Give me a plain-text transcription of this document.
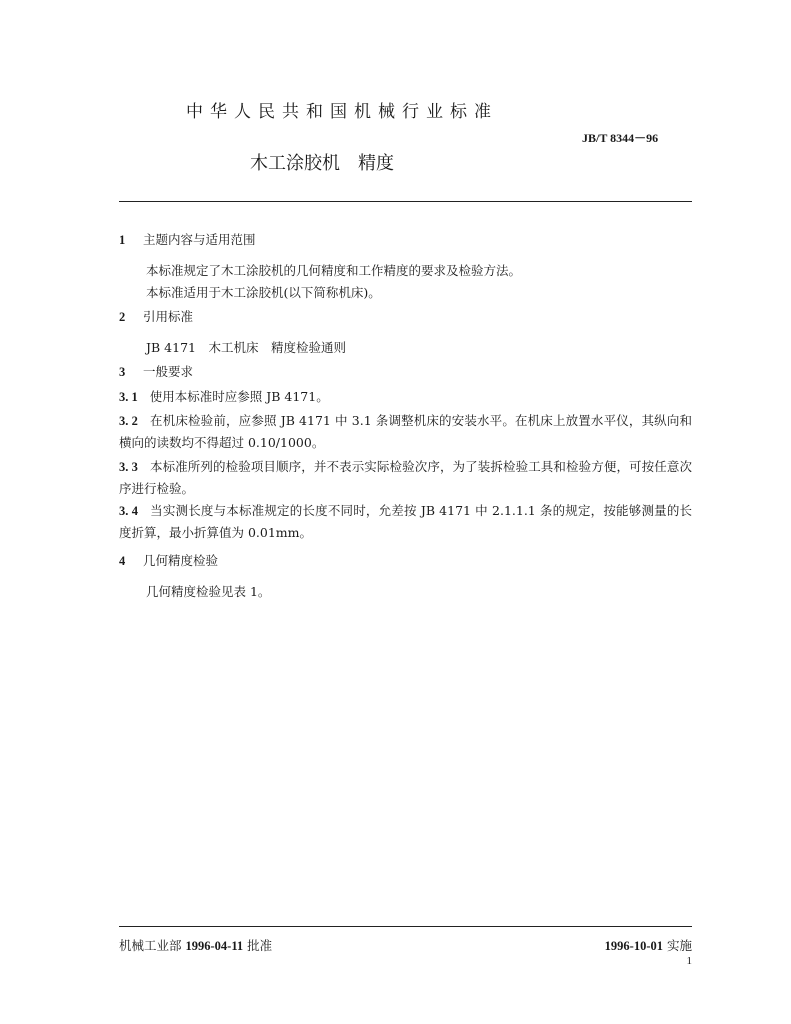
中华人民共和国机械行业标准
JB/T 8344－96
木工涂胶机　精度
1 主题内容与适用范围
本标准规定了木工涂胶机的几何精度和工作精度的要求及检验方法。
本标准适用于木工涂胶机(以下简称机床)。
2 引用标准
JB 4171　木工机床　精度检验通则
3 一般要求
3. 1 使用本标准时应参照 JB 4171。
3. 2 在机床检验前，应参照 JB 4171 中 3.1 条调整机床的安装水平。在机床上放置水平仪，其纵向和横向的读数均不得超过 0.10/1000。
3. 3 本标准所列的检验项目顺序，并不表示实际检验次序，为了装拆检验工具和检验方便，可按任意次序进行检验。
3. 4 当实测长度与本标准规定的长度不同时，允差按 JB 4171 中 2.1.1.1 条的规定，按能够测量的长度折算，最小折算值为 0.01mm。
4 几何精度检验
几何精度检验见表 1。
机械工业部 1996-04-11 批准	1996-10-01 实施
1
